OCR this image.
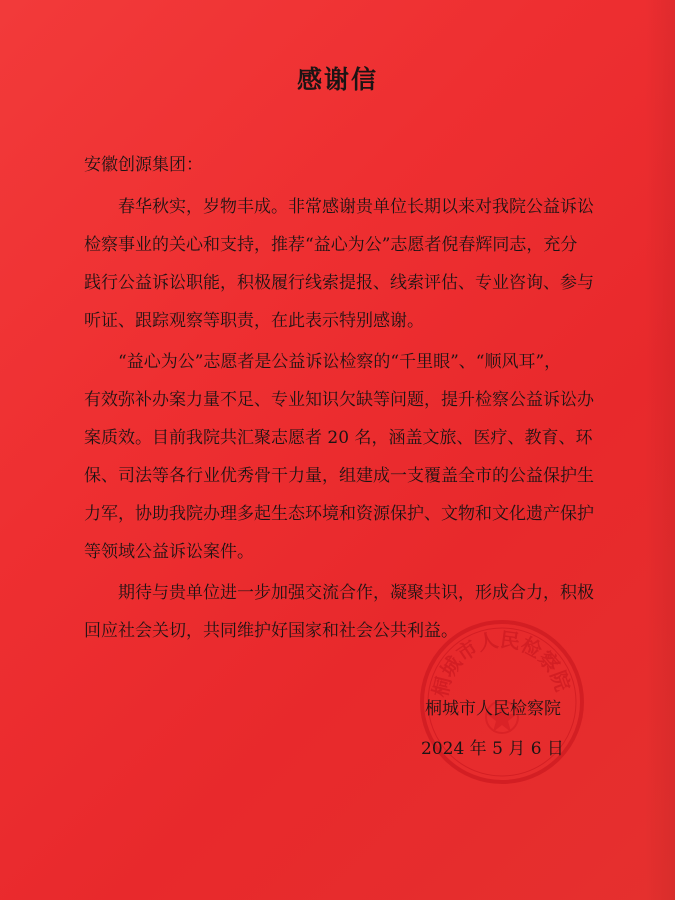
感谢信
安徽创源集团：
春华秋实，岁物丰成。非常感谢贵单位长期以来对我院公益诉讼
检察事业的关心和支持，推荐“益心为公”志愿者倪春辉同志，充分
践行公益诉讼职能，积极履行线索提报、线索评估、专业咨询、参与
听证、跟踪观察等职责，在此表示特别感谢。
“益心为公”志愿者是公益诉讼检察的“千里眼”、“顺风耳”，
有效弥补办案力量不足、专业知识欠缺等问题，提升检察公益诉讼办
案质效。目前我院共汇聚志愿者 20 名，涵盖文旅、医疗、教育、环
保、司法等各行业优秀骨干力量，组建成一支覆盖全市的公益保护生
力军，协助我院办理多起生态环境和资源保护、文物和文化遗产保护
等领域公益诉讼案件。
期待与贵单位进一步加强交流合作，凝聚共识，形成合力，积极
回应社会关切，共同维护好国家和社会公共利益。
桐城市人民检察院
桐城市人民检察院
2024 年 5 月 6 日
